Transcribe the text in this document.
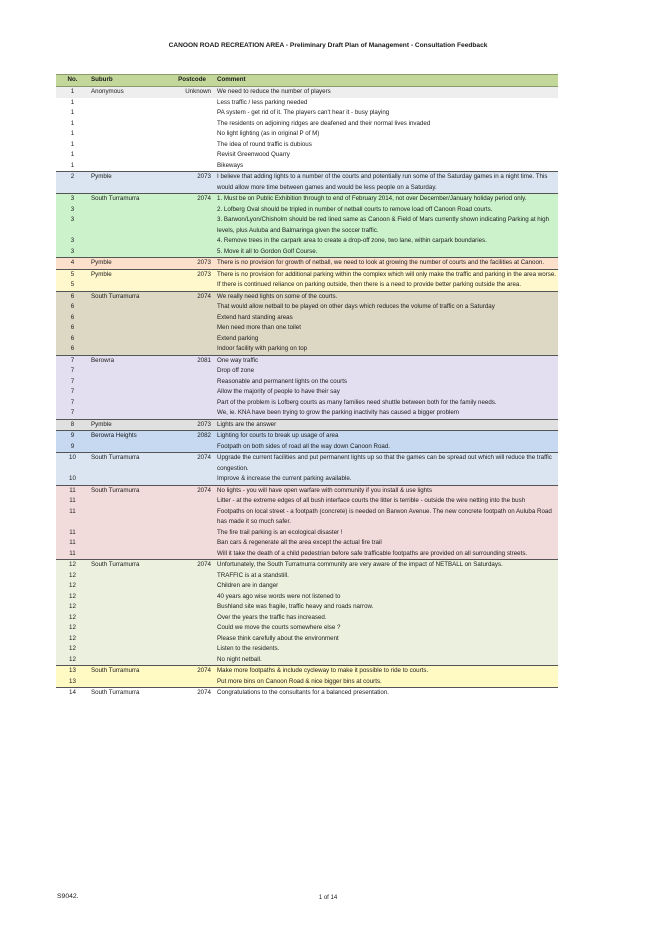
CANOON ROAD RECREATION AREA - Preliminary Draft Plan of Management - Consultation Feedback
No.	Suburb	Postcode	Comment
1	Anonymous	Unknown	We need to reduce the number of players
1			Less traffic / less parking needed
1			PA system - get rid of it. The players can't hear it - busy playing
1			The residents on adjoining ridges are deafened and their normal lives invaded
1			No light lighting (as in original P of M)
1			The idea of round traffic is dubious
1			Revisit Greenwood Quarry
1			Bikeways
2	Pymble	2073	I believe that adding lights to a number of the courts and potentially run some of the Saturday games in a night time. This would allow more time between games and would be less people on a Saturday.
3	South Turramurra	2074	1. Must be on Public Exhibition through to end of February 2014, not over December/January holiday period only.
3			2. Lofberg Oval should be tripled in number of netball courts to remove load off Canoon Road courts.
3			3. Barwon/Lyon/Chisholm should be red lined same as Canoon & Field of Mars currently shown indicating Parking at high levels, plus Auluba and Balmaringa given the soccer traffic.
3			4. Remove trees in the carpark area to create a drop-off zone, two lane, within carpark boundaries.
3			5. Move it all to Gordon Golf Course.
4	Pymble	2073	There is no provision for growth of netball, we need to look at growing the number of courts and the facilities at Canoon.
5	Pymble	2073	There is no provision for additional parking within the complex which will only make the traffic and parking in the area worse.
5			If there is continued reliance on parking outside, then there is a need to provide better parking outside the area.
6	South Turramurra	2074	We really need lights on some of the courts.
6			That would allow netball to be played on other days which reduces the volume of traffic on a Saturday
6			Extend hard standing areas
6			Men need more than one toilet
6			Extend parking
6			Indoor facility with parking on top
7	Berowra	2081	One way traffic
7			Drop off zone
7			Reasonable and permanent lights on the courts
7			Allow the majority of people to have their say
7			Part of the problem is Lofberg courts as many families need shuttle between both for the family needs.
7			We, ie. KNA have been trying to grow the parking inactivity has caused a bigger problem
8	Pymble	2073	Lights are the answer
9	Berowra Heights	2082	Lighting for courts to break up usage of area
9			Footpath on both sides of road all the way down Canoon Road.
10	South Turramurra	2074	Upgrade the current facilities and put permanent lights up so that the games can be spread out which will reduce the traffic congestion.
10			Improve & increase the current parking available.
11	South Turramurra	2074	No lights - you will have open warfare with community if you install & use lights
11			Litter - at the extreme edges of all bush interface courts the litter is terrible - outside the wire netting into the bush
11			Footpaths on local street - a footpath (concrete) is needed on Barwon Avenue. The new concrete footpath on Auluba Road has made it so much safer.
11			The fire trail parking is an ecological disaster !
11			Ban cars & regenerate all the area except the actual fire trail
11			Will it take the death of a child pedestrian before safe trafficable footpaths are provided on all surrounding streets.
12	South Turramurra	2074	Unfortunately, the South Turramurra community are very aware of the impact of NETBALL on Saturdays.
12			TRAFFIC is at a standstill.
12			Children are in danger
12			40 years ago wise words were not listened to
12			Bushland site was fragile, traffic heavy and roads narrow.
12			Over the years the traffic has increased.
12			Could we move the courts somewhere else ?
12			Please think carefully about the environment
12			Listen to the residents.
12			No night netball.
13	South Turramurra	2074	Make more footpaths & include cycleway to make it possible to ride to courts.
13			Put more bins on Canoon Road & nice bigger bins at courts.
14	South Turramurra	2074	Congratulations to the consultants for a balanced presentation.
S9042.	1 of 14
